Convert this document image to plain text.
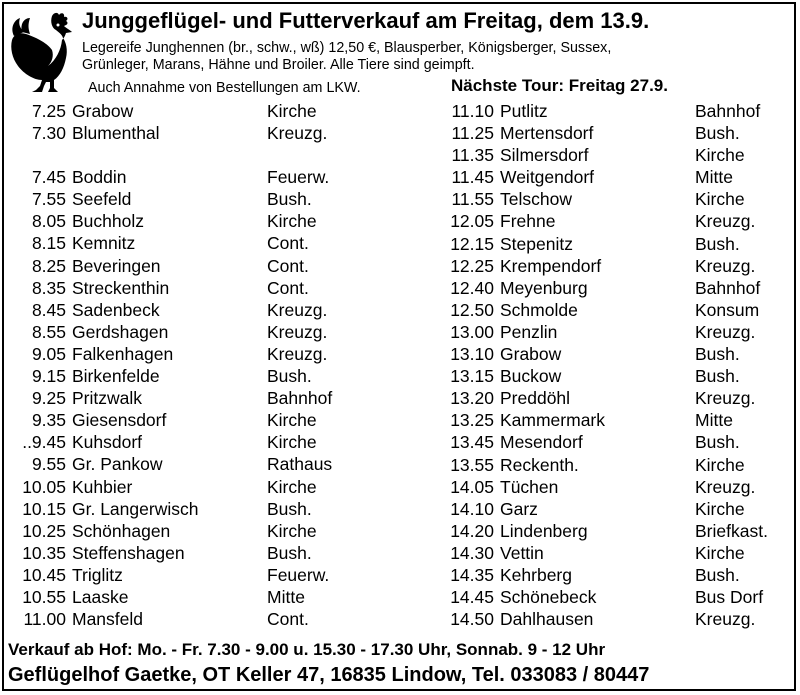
Junggeflügel- und Futterverkauf am Freitag, dem 13.9.
Legereife Junghennen (br., schw., wß) 12,50 €, Blausperber, Königsberger, Sussex,
Grünleger, Marans, Hähne und Broiler. Alle Tiere sind geimpft.
Auch Annahme von Bestellungen am LKW.	Nächste Tour: Freitag 27.9.
7.25 Grabow	Kirche
7.30 Blumenthal	Kreuzg.
7.45 Boddin	Feuerw.
7.55 Seefeld	Bush.
8.05 Buchholz	Kirche
8.15 Kemnitz	Cont.
8.25 Beveringen	Cont.
8.35 Streckenthin	Cont.
8.45 Sadenbeck	Kreuzg.
8.55 Gerdshagen	Kreuzg.
9.05 Falkenhagen	Kreuzg.
9.15 Birkenfelde	Bush.
9.25 Pritzwalk	Bahnhof
9.35 Giesensdorf	Kirche
..9.45 Kuhsdorf	Kirche
9.55 Gr. Pankow	Rathaus
10.05 Kuhbier	Kirche
10.15 Gr. Langerwisch	Bush.
10.25 Schönhagen	Kirche
10.35 Steffenshagen	Bush.
10.45 Triglitz	Feuerw.
10.55 Laaske	Mitte
11.00 Mansfeld	Cont.
11.10 Putlitz	Bahnhof
11.25 Mertensdorf	Bush.
11.35 Silmersdorf	Kirche
11.45 Weitgendorf	Mitte
11.55 Telschow	Kirche
12.05 Frehne	Kreuzg.
12.15 Stepenitz	Bush.
12.25 Krempendorf	Kreuzg.
12.40 Meyenburg	Bahnhof
12.50 Schmolde	Konsum
13.00 Penzlin	Kreuzg.
13.10 Grabow	Bush.
13.15 Buckow	Bush.
13.20 Preddöhl	Kreuzg.
13.25 Kammermark	Mitte
13.45 Mesendorf	Bush.
13.55 Reckenth.	Kirche
14.05 Tüchen	Kreuzg.
14.10 Garz	Kirche
14.20 Lindenberg	Briefkast.
14.30 Vettin	Kirche
14.35 Kehrberg	Bush.
14.45 Schönebeck	Bus Dorf
14.50 Dahlhausen	Kreuzg.
Verkauf ab Hof: Mo. - Fr. 7.30 - 9.00 u. 15.30 - 17.30 Uhr, Sonnab. 9 - 12 Uhr
Geflügelhof Gaetke, OT Keller 47, 16835 Lindow, Tel. 033083 / 80447
